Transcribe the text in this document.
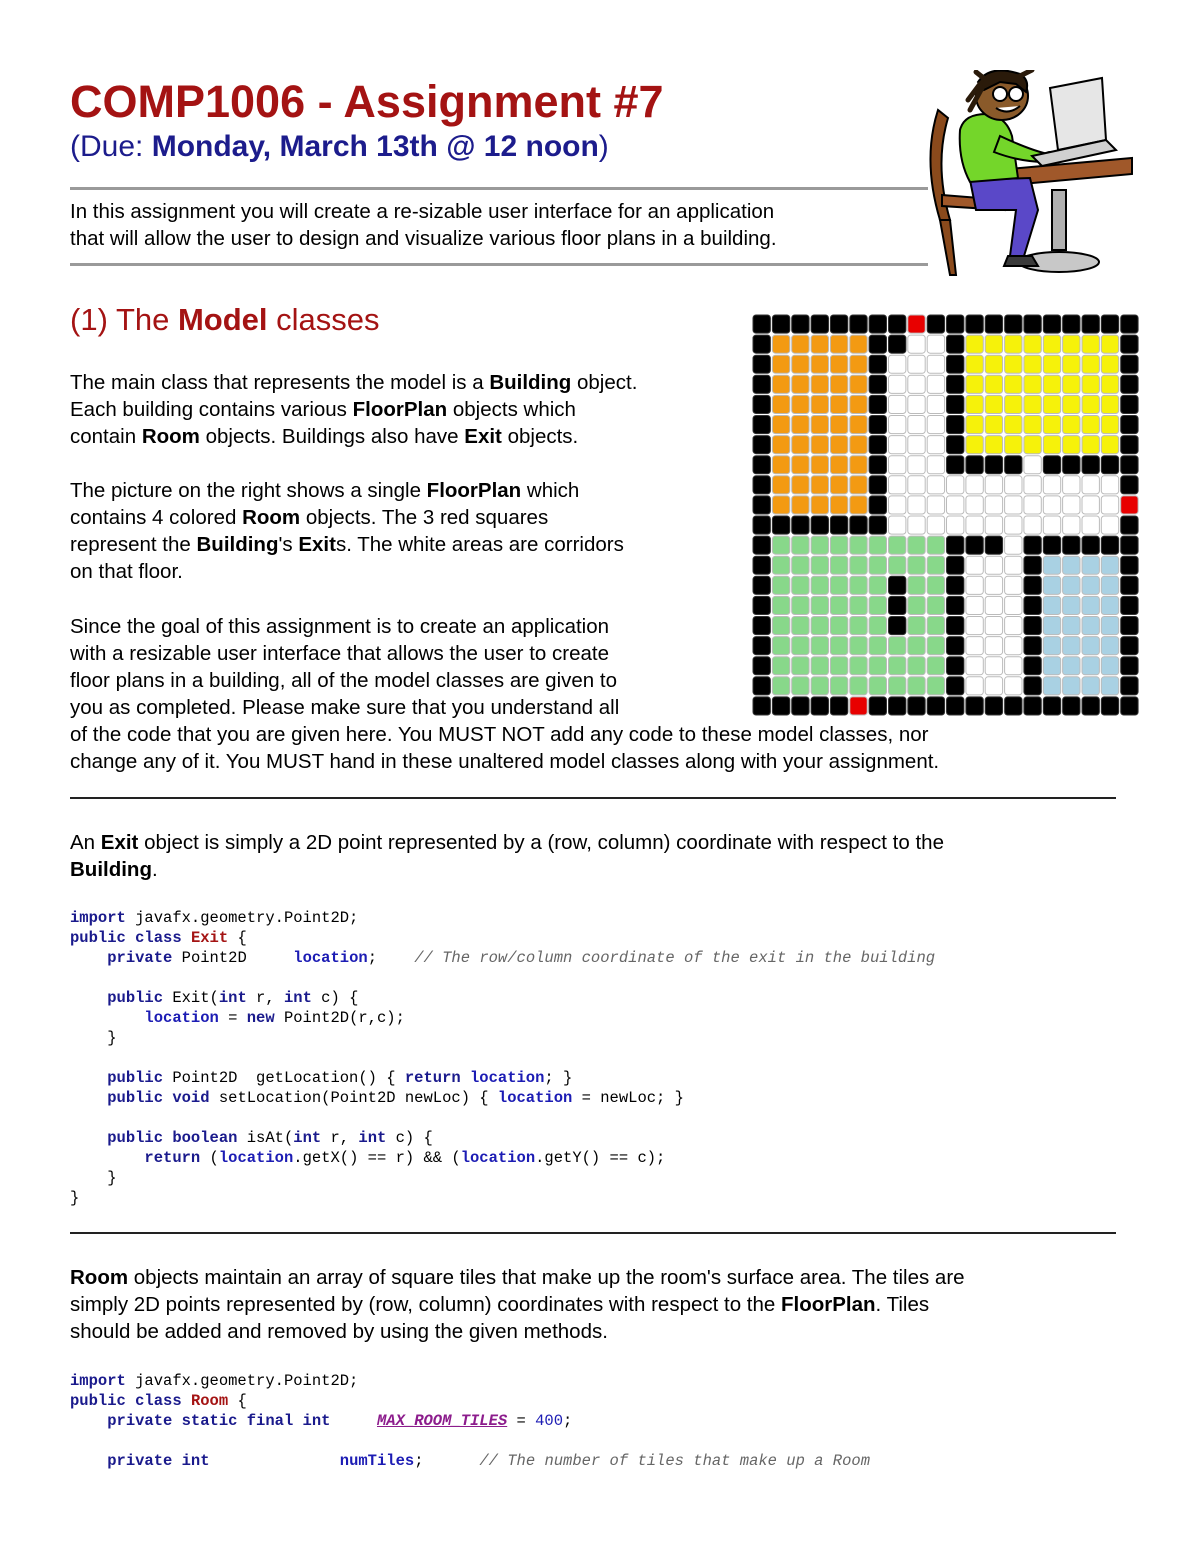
COMP1006 - Assignment #7
(Due: Monday, March 13th @ 12 noon)
In this assignment you will create a re-sizable user interface for an application
that will allow the user to design and visualize various floor plans in a building.
(1) The Model classes
The main class that represents the model is a Building object.
Each building contains various FloorPlan objects which
contain Room objects. Buildings also have Exit objects.
The picture on the right shows a single FloorPlan which
contains 4 colored Room objects. The 3 red squares
represent the Building's Exits. The white areas are corridors
on that floor.
Since the goal of this assignment is to create an application
with a resizable user interface that allows the user to create
floor plans in a building, all of the model classes are given to
you as completed. Please make sure that you understand all
of the code that you are given here. You MUST NOT add any code to these model classes, nor
change any of it. You MUST hand in these unaltered model classes along with your assignment.
An Exit object is simply a 2D point represented by a (row, column) coordinate with respect to the
Building.
import javafx.geometry.Point2D;
public class Exit {
private Point2D     location;    // The row/column coordinate of the exit in the building

public Exit(int r, int c) {
location = new Point2D(r,c);
}

public Point2D  getLocation() { return location; }
public void setLocation(Point2D newLoc) { location = newLoc; }

public boolean isAt(int r, int c) {
return (location.getX() == r) && (location.getY() == c);
}
}
Room objects maintain an array of square tiles that make up the room's surface area. The tiles are
simply 2D points represented by (row, column) coordinates with respect to the FloorPlan. Tiles
should be added and removed by using the given methods.
import javafx.geometry.Point2D;
public class Room {
private static final int	MAX_ROOM_TILES = 400;

private int	numTiles;      // The number of tiles that make up a Room
